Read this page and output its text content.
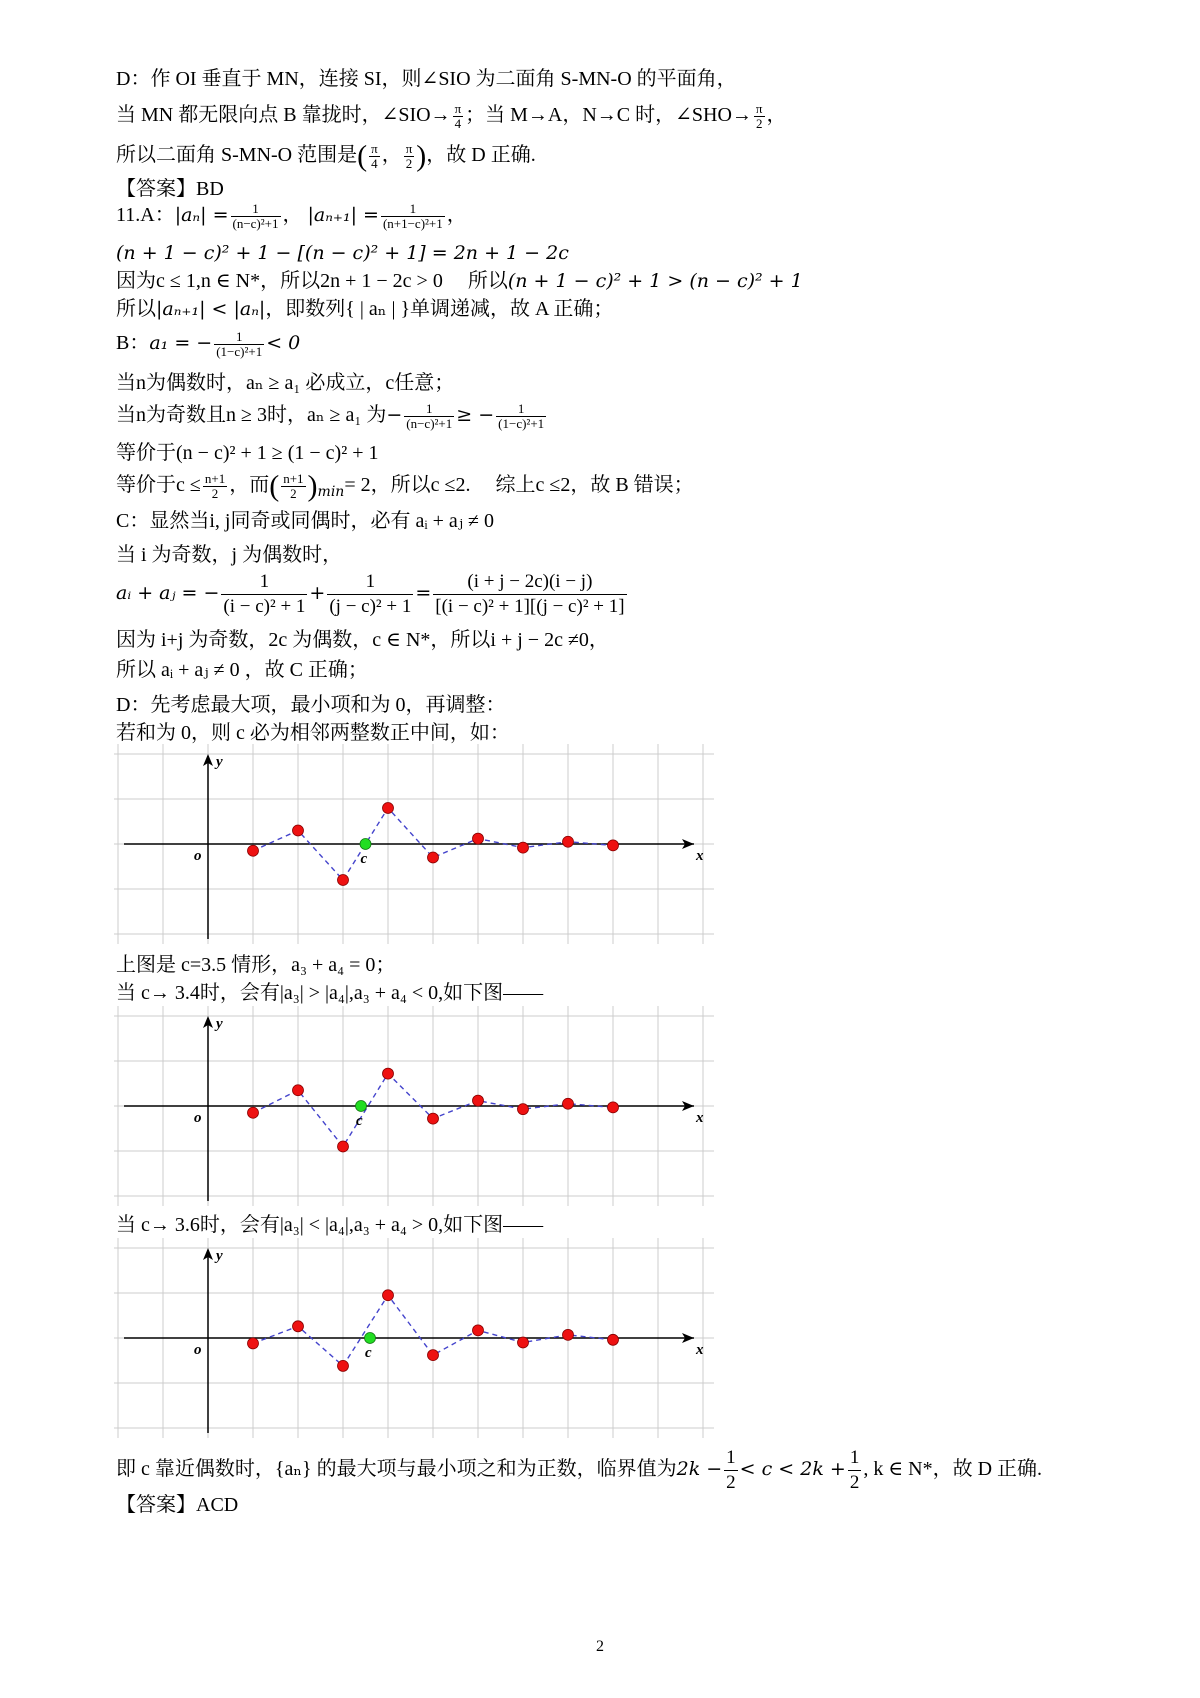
D：作 OI 垂直于 MN，连接 SI，则∠SIO 为二面角 S-MN-O 的平面角，
当 MN 都无限向点 B 靠拢时，∠SIO→ $\frac{\pi}{4}$ ；当 M→A，N→C 时，∠SHO→ $\frac{\pi}{2}$ ，
所以二面角 S-MN-O 范围是( $\frac{\pi}{4}$ ， $\frac{\pi}{2}$ )，故 D 正确.
【答案】BD
11.A：$|a_n| = \frac{1}{\text{(n−c)²+1}}$ ， $|a_{n+1}| = \frac{1}{\text{(n+1−c)²+1}}$ ，
(n + 1 − c)² + 1 − [(n − c)² + 1] = 2n + 1 − 2c
因为c ≤ 1,n ∈ N*，所以2n + 1 − 2c > 0　 所以(n + 1 − c)² + 1 > (n − c)² + 1
所以|aₙ₊₁| < |aₙ|，即数列{ | aₙ | }单调递减，故 A 正确；
B：a₁ = − $\frac{1}{\text{(1−c)²+1}} < 0$
当n为偶数时，aₙ ≥ a₁ 必成立，c任意；
当n为奇数且n ≥ 3时，aₙ ≥ a₁ 为− $\frac{1}{\text{(n−c)²+1}}$ ≥ − $\frac{1}{\text{(1−c)²+1}}$
等价于(n − c)² + 1 ≥ (1 − c)² + 1
等价于$c \le \frac{n+1}{2}$ ，而( $\frac{n+1}{2} )_{min}= 2$，所以c ≤2.　 综上c ≤2，故 B 错误；
C：显然当i, j同奇或同偶时，必有 aᵢ + aⱼ ≠ 0
当 i 为奇数，j 为偶数时，
aᵢ + aⱼ = − $\frac{1}{\text{(i − c)² + 1}} + \frac{1}{\text{(j − c)² + 1}} = \frac{(i + j - 2c)(i - j)}{\text{[(i − c)² + 1][(j − c)² + 1]}}$
因为 i+j 为奇数，2c 为偶数，c ∈ N*，所以i + j − 2c ≠0，
所以 aᵢ + aⱼ ≠ 0 ，故 C 正确；
D：先考虑最大项，最小项和为 0，再调整：
若和为 0，则 c 必为相邻两整数正中间，如：
x
y
o	c
上图是 c=3.5 情形，a₃ + a₄ = 0；
当 c→ 3.4时，会有|a₃| > |a₄|,a₃ + a₄ < 0,如下图——
x
y
o	c
当 c→ 3.6时，会有|a₃| < |a₄|,a₃ + a₄ > 0,如下图——
x
y
o	c
即 c 靠近偶数时，{aₙ} 的最大项与最小项之和为正数，临界值为$2k - \frac{1}{2} < c < 2k + \frac{1}{2}$ , k ∈ N*，故 D 正确.
【答案】ACD
2
